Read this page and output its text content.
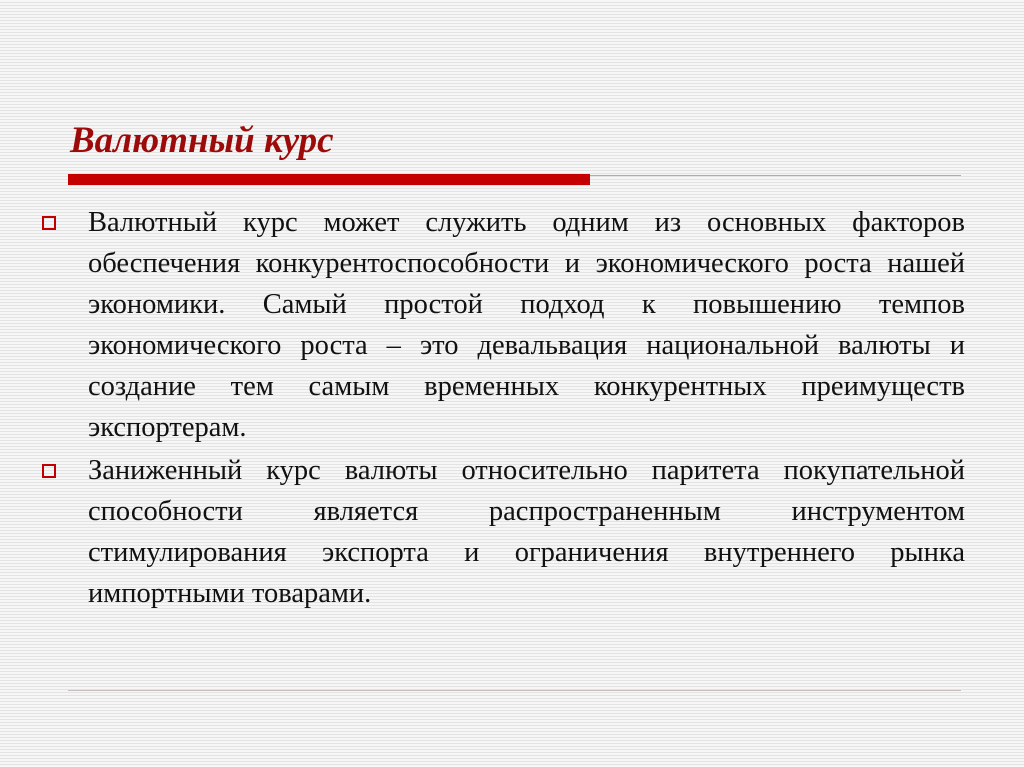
Валютный курс
Валютный курс может служить одним из основных факторов обеспечения конкурентоспособности и экономического роста нашей экономики. Самый простой подход к повышению темпов экономического роста – это девальвация национальной валюты и создание тем самым временных конкурентных преимуществ экспортерам.
Заниженный курс валюты относительно паритета покупательной способности является распространенным инструментом стимулирования экспорта и ограничения внутреннего рынка импортными товарами.
